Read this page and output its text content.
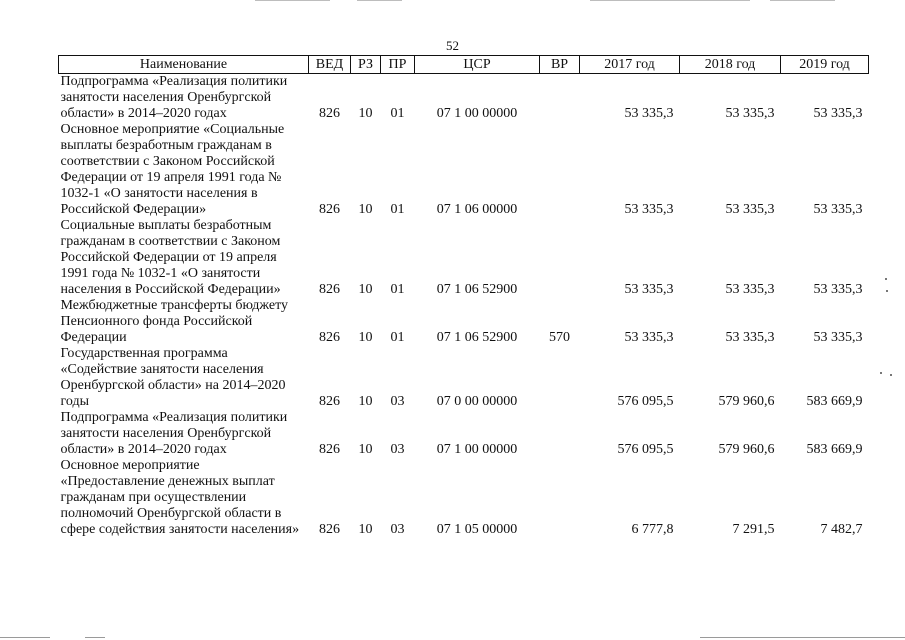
52
Наименование	ВЕД	РЗ	ПР	ЦСР	ВР	2017 год	2018 год	2019 год
Подпрограмма «Реализация политики занятости населения Оренбургской области» в 2014–2020 годах	826	10	01	07 1 00 00000		53 335,3	53 335,3	53 335,3
Основное мероприятие «Социальные выплаты безработным гражданам в соответствии с Законом Российской Федерации от 19 апреля 1991 года № 1032-1 «О занятости населения в Российской Федерации»	826	10	01	07 1 06 00000		53 335,3	53 335,3	53 335,3
Социальные выплаты безработным гражданам в соответствии с Законом Российской Федерации от 19 апреля 1991 года № 1032-1 «О занятости населения в Российской Федерации»	826	10	01	07 1 06 52900		53 335,3	53 335,3	53 335,3
Межбюджетные трансферты бюджету Пенсионного фонда Российской Федерации	826	10	01	07 1 06 52900	570	53 335,3	53 335,3	53 335,3
Государственная программа «Содействие занятости населения Оренбургской области» на 2014–2020 годы	826	10	03	07 0 00 00000		576 095,5	579 960,6	583 669,9
Подпрограмма «Реализация политики занятости населения Оренбургской области» в 2014–2020 годах	826	10	03	07 1 00 00000		576 095,5	579 960,6	583 669,9
Основное мероприятие «Предоставление денежных выплат гражданам при осуществлении полномочий Оренбургской области в сфере содействия занятости населения»	826	10	03	07 1 05 00000		6 777,8	7 291,5	7 482,7
